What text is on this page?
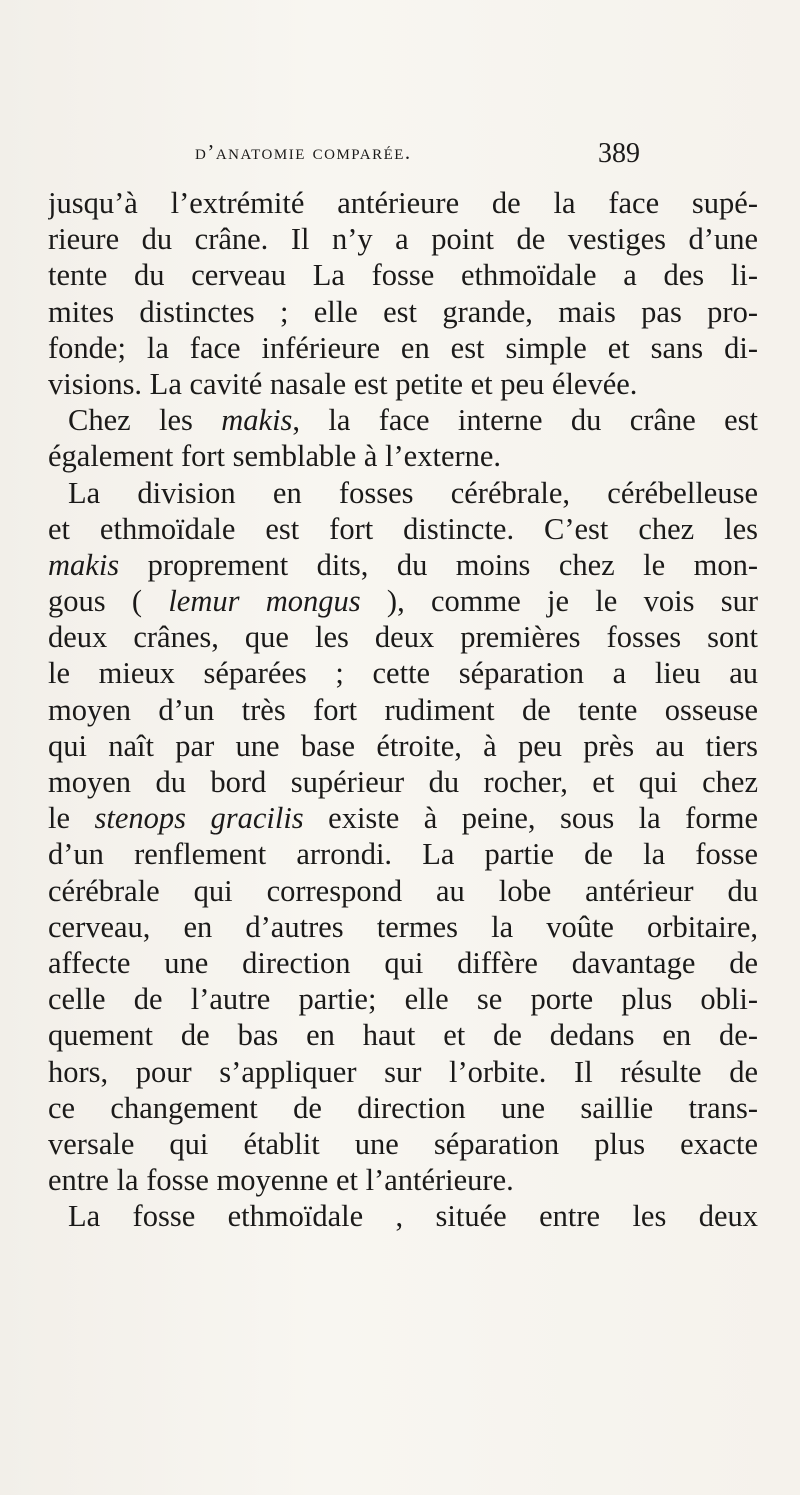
d’anatomie comparée.	389
jusqu’à l’extrémité antérieure de la face supé-
rieure du crâne. Il n’y a point de vestiges d’une
tente du cerveau La fosse ethmoïdale a des li-
mites distinctes ; elle est grande, mais pas pro-
fonde; la face inférieure en est simple et sans di-
visions. La cavité nasale est petite et peu élevée.
Chez les makis, la face interne du crâne est
également fort semblable à l’externe.
La division en fosses cérébrale, cérébelleuse
et ethmoïdale est fort distincte. C’est chez les
makis proprement dits, du moins chez le mon-
gous ( lemur mongus ), comme je le vois sur
deux crânes, que les deux premières fosses sont
le mieux séparées ; cette séparation a lieu au
moyen d’un très fort rudiment de tente osseuse
qui naît par une base étroite, à peu près au tiers
moyen du bord supérieur du rocher, et qui chez
le stenops gracilis existe à peine, sous la forme
d’un renflement arrondi. La partie de la fosse
cérébrale qui correspond au lobe antérieur du
cerveau, en d’autres termes la voûte orbitaire,
affecte une direction qui diffère davantage de
celle de l’autre partie; elle se porte plus obli-
quement de bas en haut et de dedans en de-
hors, pour s’appliquer sur l’orbite. Il résulte de
ce changement de direction une saillie trans-
versale qui établit une séparation plus exacte
entre la fosse moyenne et l’antérieure.
La fosse ethmoïdale , située entre les deux
